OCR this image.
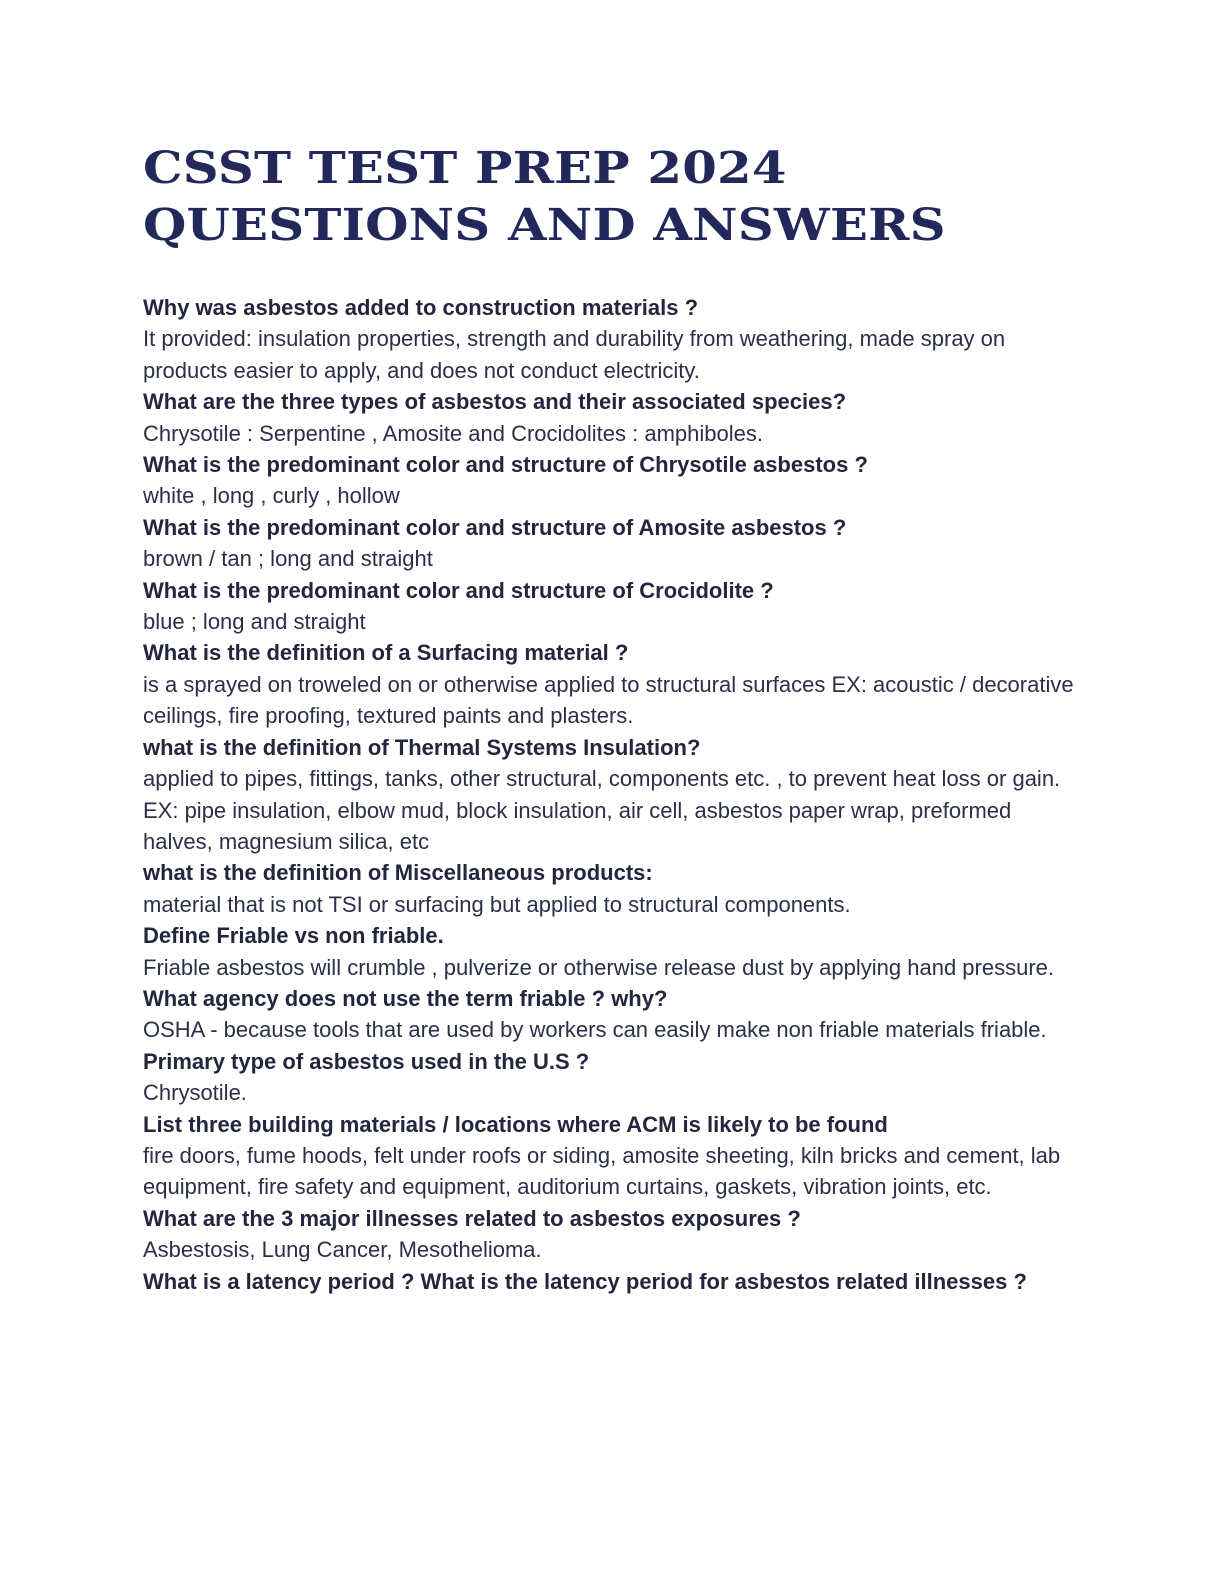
CSST TEST PREP 2024 QUESTIONS AND ANSWERS
Why was asbestos added to construction materials ?
It provided: insulation properties, strength and durability from weathering, made spray on products easier to apply, and does not conduct electricity.
What are the three types of asbestos and their associated species?
Chrysotile : Serpentine , Amosite and Crocidolites : amphiboles.
What is the predominant color and structure of Chrysotile asbestos ?
white , long , curly , hollow
What is the predominant color and structure of Amosite asbestos ?
brown / tan ; long and straight
What is the predominant color and structure of Crocidolite ?
blue ; long and straight
What is the definition of a Surfacing material ?
is a sprayed on troweled on or otherwise applied to structural surfaces EX: acoustic / decorative ceilings, fire proofing, textured paints and plasters.
what is the definition of Thermal Systems Insulation?
applied to pipes, fittings, tanks, other structural, components etc. , to prevent heat loss or gain. EX: pipe insulation, elbow mud, block insulation, air cell, asbestos paper wrap, preformed halves, magnesium silica, etc
what is the definition of Miscellaneous products:
material that is not TSI or surfacing but applied to structural components.
Define Friable vs non friable.
Friable asbestos will crumble , pulverize or otherwise release dust by applying hand pressure.
What agency does not use the term friable ? why?
OSHA - because tools that are used by workers can easily make non friable materials friable.
Primary type of asbestos used in the U.S ?
Chrysotile.
List three building materials / locations where ACM is likely to be found
fire doors, fume hoods, felt under roofs or siding, amosite sheeting, kiln bricks and cement, lab equipment, fire safety and equipment, auditorium curtains, gaskets, vibration joints, etc.
What are the 3 major illnesses related to asbestos exposures ?
Asbestosis, Lung Cancer, Mesothelioma.
What is a latency period ? What is the latency period for asbestos related illnesses ?
